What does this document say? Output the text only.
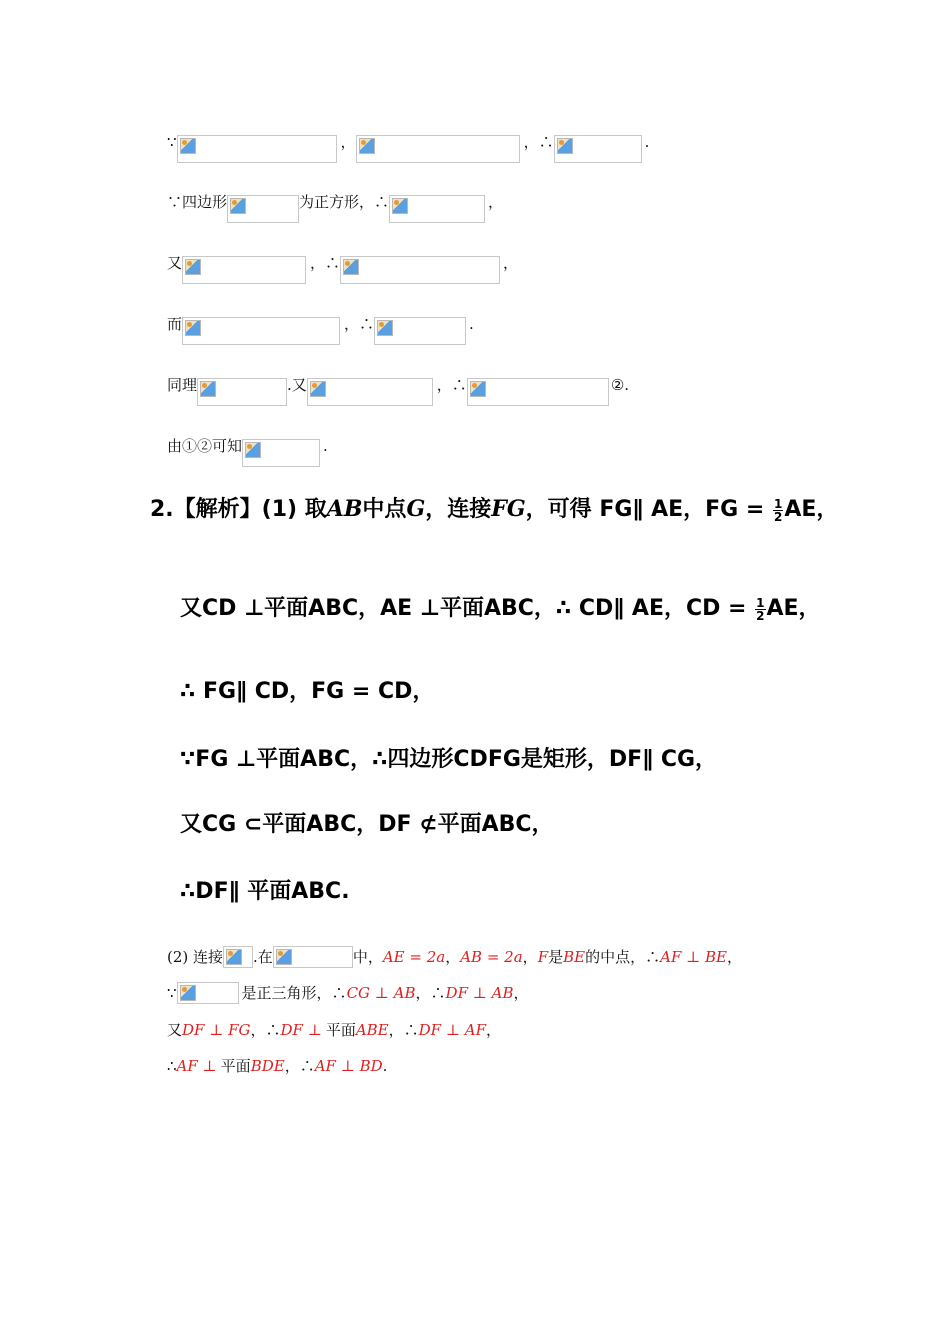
∵	，	，∴	.
∵四边形	为正方形，∴	，
又	，∴	，
而	，∴	.
同理	.又	，∴	②.
由①②可知	.
2.【解析】(1) 取AB中点G，连接FG，可得 FG∥ AE，FG = $\frac{1}{2}$ AE，
又CD ⊥平面ABC，AE ⊥平面ABC，∴ CD∥ AE，CD = $\frac{1}{2}$ AE，
∴ FG∥ CD，FG = CD，
∵FG ⊥平面ABC，∴四边形CDFG是矩形，DF∥ CG，
又CG ⊂平面ABC，DF ⊄平面ABC，
∴DF∥ 平面ABC.
(2) 连接 .在	中， AE = 2a ， AB = 2a ， F 是 BE 的中点，∴ AF ⊥ BE ，
∵	是正三角形，∴ CG ⊥ AB ，∴ DF ⊥ AB ，
又 DF ⊥ FG ，∴ DF ⊥ 平面 ABE ，∴ DF ⊥ AF ，
∴ AF ⊥ 平面 BDE ，∴ AF ⊥ BD .
